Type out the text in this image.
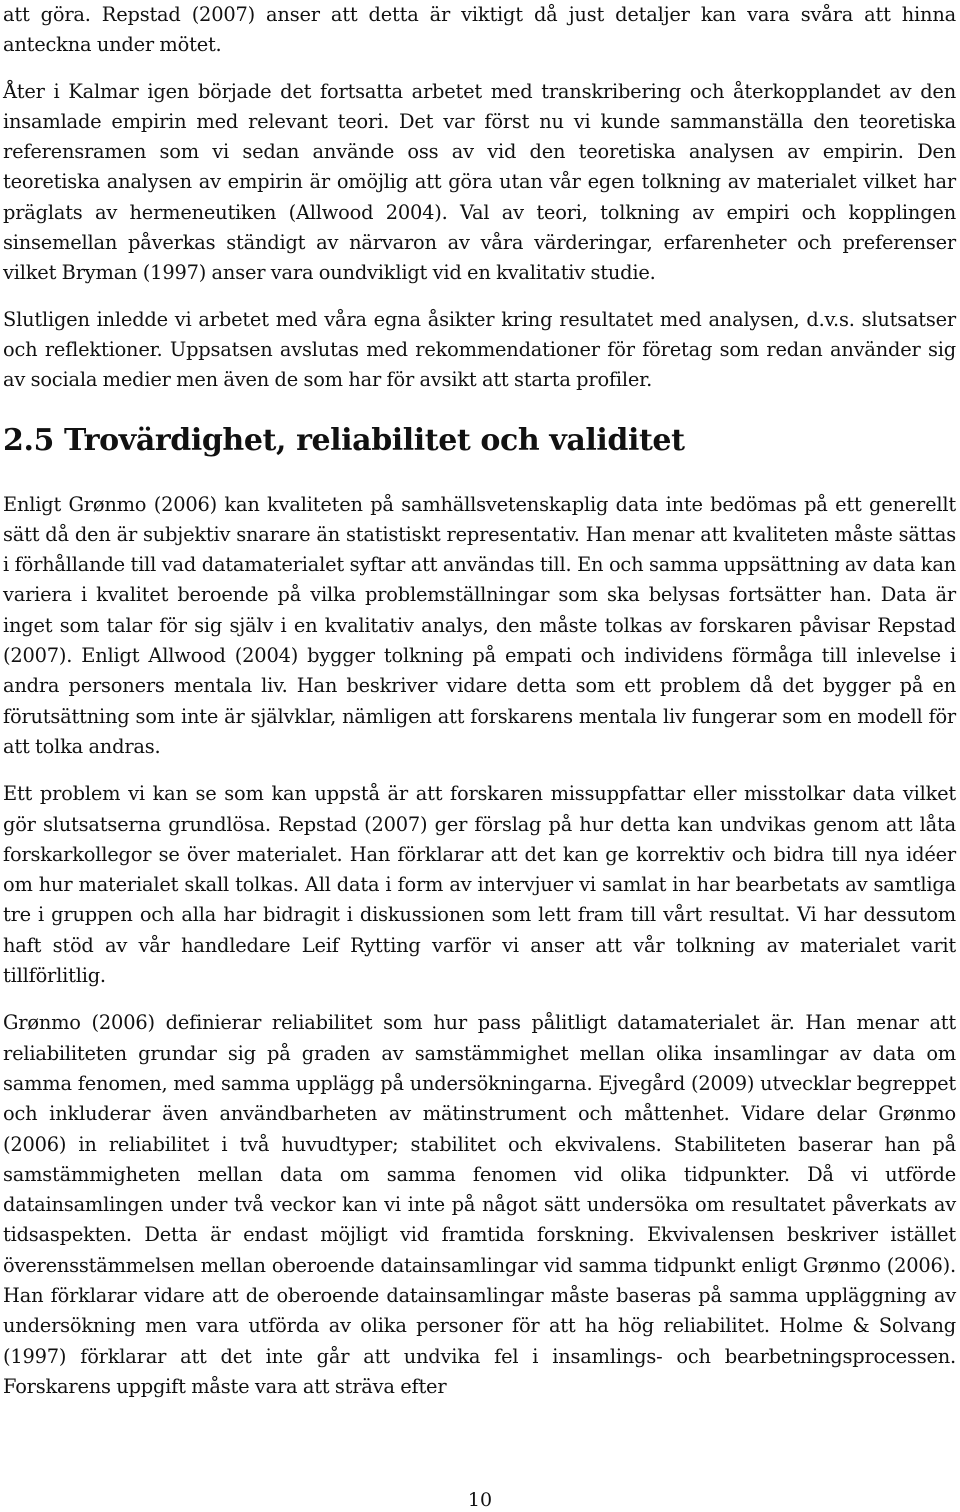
att göra. Repstad (2007) anser att detta är viktigt då just detaljer kan vara svåra att hinna anteckna under mötet.

Åter i Kalmar igen började det fortsatta arbetet med transkribering och återkopplandet av den insamlade empirin med relevant teori. Det var först nu vi kunde sammanställa den teoretiska referensramen som vi sedan använde oss av vid den teoretiska analysen av empirin. Den teoretiska analysen av empirin är omöjlig att göra utan vår egen tolkning av materialet vilket har präglats av hermeneutiken (Allwood 2004). Val av teori, tolkning av empiri och kopplingen sinsemellan påverkas ständigt av närvaron av våra värderingar, erfarenheter och preferenser vilket Bryman (1997) anser vara oundvikligt vid en kvalitativ studie.

Slutligen inledde vi arbetet med våra egna åsikter kring resultatet med analysen, d.v.s. slutsatser och reflektioner. Uppsatsen avslutas med rekommendationer för företag som redan använder sig av sociala medier men även de som har för avsikt att starta profiler.

2.5 Trovärdighet, reliabilitet och validitet

Enligt Grønmo (2006) kan kvaliteten på samhällsvetenskaplig data inte bedömas på ett generellt sätt då den är subjektiv snarare än statistiskt representativ. Han menar att kvaliteten måste sättas i förhållande till vad datamaterialet syftar att användas till. En och samma uppsättning av data kan variera i kvalitet beroende på vilka problemställningar som ska belysas fortsätter han. Data är inget som talar för sig själv i en kvalitativ analys, den måste tolkas av forskaren påvisar Repstad (2007). Enligt Allwood (2004) bygger tolkning på empati och individens förmåga till inlevelse i andra personers mentala liv. Han beskriver vidare detta som ett problem då det bygger på en förutsättning som inte är självklar, nämligen att forskarens mentala liv fungerar som en modell för att tolka andras.

Ett problem vi kan se som kan uppstå är att forskaren missuppfattar eller misstolkar data vilket gör slutsatserna grundlösa. Repstad (2007) ger förslag på hur detta kan undvikas genom att låta forskarkollegor se över materialet. Han förklarar att det kan ge korrektiv och bidra till nya idéer om hur materialet skall tolkas. All data i form av intervjuer vi samlat in har bearbetats av samtliga tre i gruppen och alla har bidragit i diskussionen som lett fram till vårt resultat. Vi har dessutom haft stöd av vår handledare Leif Rytting varför vi anser att vår tolkning av materialet varit tillförlitlig.

Grønmo (2006) definierar reliabilitet som hur pass pålitligt datamaterialet är. Han menar att reliabiliteten grundar sig på graden av samstämmighet mellan olika insamlingar av data om samma fenomen, med samma upplägg på undersökningarna. Ejvegård (2009) utvecklar begreppet och inkluderar även användbarheten av mätinstrument och måttenhet. Vidare delar Grønmo (2006) in reliabilitet i två huvudtyper; stabilitet och ekvivalens. Stabiliteten baserar han på samstämmigheten mellan data om samma fenomen vid olika tidpunkter. Då vi utförde datainsamlingen under två veckor kan vi inte på något sätt undersöka om resultatet påverkats av tidsaspekten. Detta är endast möjligt vid framtida forskning. Ekvivalensen beskriver istället överensstämmelsen mellan oberoende datainsamlingar vid samma tidpunkt enligt Grønmo (2006). Han förklarar vidare att de oberoende datainsamlingar måste baseras på samma uppläggning av undersökning men vara utförda av olika personer för att ha hög reliabilitet. Holme & Solvang (1997) förklarar att det inte går att undvika fel i insamlings- och bearbetningsprocessen. Forskarens uppgift måste vara att sträva efter

10
